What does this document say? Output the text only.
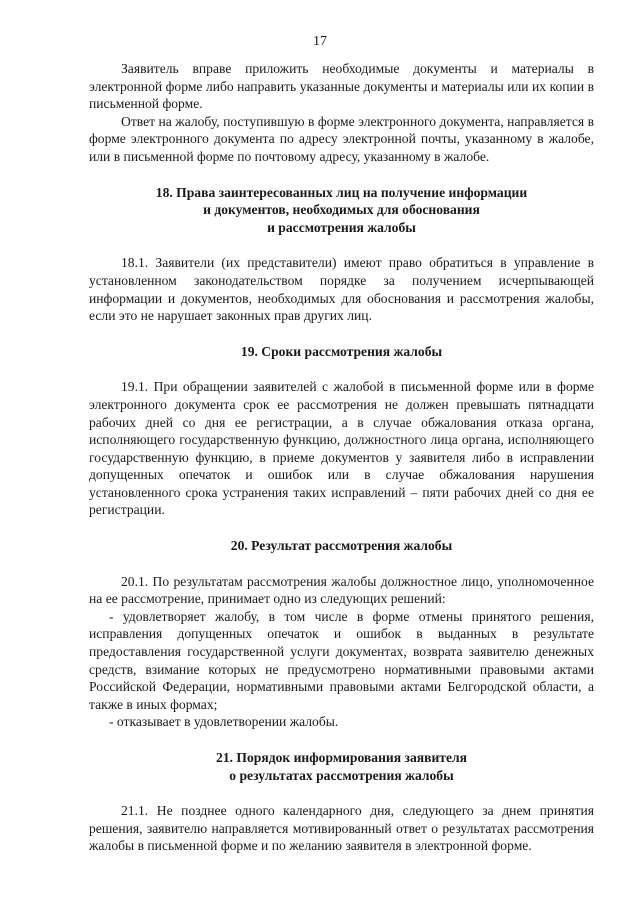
17

Заявитель вправе приложить необходимые документы и материалы в электронной форме либо направить указанные документы и материалы или их копии в письменной форме.

Ответ на жалобу, поступившую в форме электронного документа, направляется в форме электронного документа по адресу электронной почты, указанному в жалобе, или в письменной форме по почтовому адресу, указанному в жалобе.

18. Права заинтересованных лиц на получение информации
и документов, необходимых для обоснования
и рассмотрения жалобы

18.1. Заявители (их представители) имеют право обратиться в управление в установленном законодательством порядке за получением исчерпывающей информации и документов, необходимых для обоснования и рассмотрения жалобы, если это не нарушает законных прав других лиц.

19. Сроки рассмотрения жалобы

19.1. При обращении заявителей с жалобой в письменной форме или в форме электронного документа срок ее рассмотрения не должен превышать пятнадцати рабочих дней со дня ее регистрации, а в случае обжалования отказа органа, исполняющего государственную функцию, должностного лица органа, исполняющего государственную функцию, в приеме документов у заявителя либо в исправлении допущенных опечаток и ошибок или в случае обжалования нарушения установленного срока устранения таких исправлений – пяти рабочих дней со дня ее регистрации.

20. Результат рассмотрения жалобы

20.1. По результатам рассмотрения жалобы должностное лицо, уполномоченное на ее рассмотрение, принимает одно из следующих решений:

- удовлетворяет жалобу, в том числе в форме отмены принятого решения, исправления допущенных опечаток и ошибок в выданных в результате предоставления государственной услуги документах, возврата заявителю денежных средств, взимание которых не предусмотрено нормативными правовыми актами Российской Федерации, нормативными правовыми актами Белгородской области, а также в иных формах;

- отказывает в удовлетворении жалобы.

21. Порядок информирования заявителя
о результатах рассмотрения жалобы

21.1. Не позднее одного календарного дня, следующего за днем принятия решения, заявителю направляется мотивированный ответ о результатах рассмотрения жалобы в письменной форме и по желанию заявителя в электронной форме.
